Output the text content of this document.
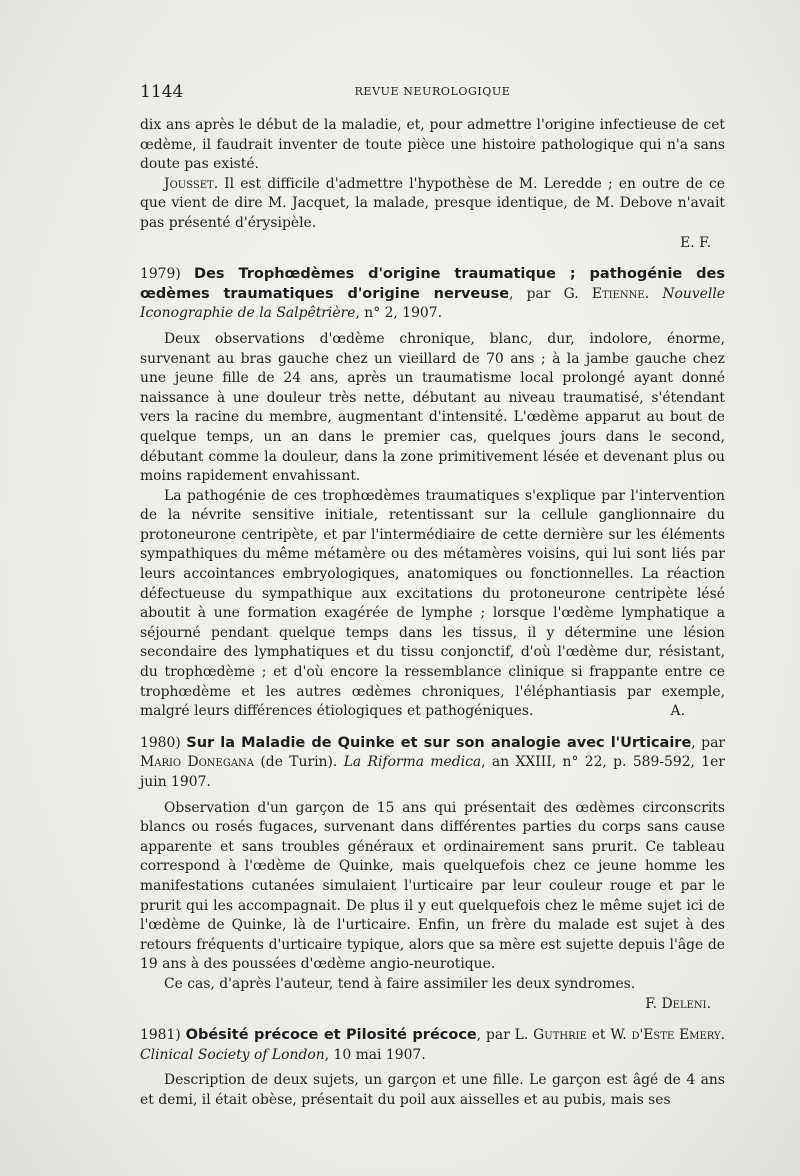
1144	REVUE NEUROLOGIQUE

dix ans après le début de la maladie, et, pour admettre l'origine infectieuse de cet œdème, il faudrait inventer de toute pièce une histoire pathologique qui n'a sans doute pas existé.

Jousset. Il est difficile d'admettre l'hypothèse de M. Leredde ; en outre de ce que vient de dire M. Jacquet, la malade, presque identique, de M. Debove n'avait pas présenté d'érysipèle.

E. F.

1979) Des Trophœdèmes d'origine traumatique ; pathogénie des œdèmes traumatiques d'origine nerveuse, par G. Etienne. Nouvelle Iconographie de la Salpêtrière, n° 2, 1907.

Deux observations d'œdème chronique, blanc, dur, indolore, énorme, survenant au bras gauche chez un vieillard de 70 ans ; à la jambe gauche chez une jeune fille de 24 ans, après un traumatisme local prolongé ayant donné naissance à une douleur très nette, débutant au niveau traumatisé, s'étendant vers la racine du membre, augmentant d'intensité. L'œdème apparut au bout de quelque temps, un an dans le premier cas, quelques jours dans le second, débutant comme la douleur, dans la zone primitivement lésée et devenant plus ou moins rapidement envahissant.

La pathogénie de ces trophœdèmes traumatiques s'explique par l'intervention de la névrite sensitive initiale, retentissant sur la cellule ganglionnaire du protoneurone centripète, et par l'intermédiaire de cette dernière sur les éléments sympathiques du même métamère ou des métamères voisins, qui lui sont liés par leurs accointances embryologiques, anatomiques ou fonctionnelles. La réaction défectueuse du sympathique aux excitations du protoneurone centripète lésé aboutit à une formation exagérée de lymphe ; lorsque l'œdème lymphatique a séjourné pendant quelque temps dans les tissus, il y détermine une lésion secondaire des lymphatiques et du tissu conjonctif, d'où l'œdème dur, résistant, du trophœdème ; et d'où encore la ressemblance clinique si frappante entre ce trophœdème et les autres œdèmes chroniques, l'éléphantiasis par exemple, malgré leurs différences étiologiques et pathogéniques.	A.

1980) Sur la Maladie de Quinke et sur son analogie avec l'Urticaire, par Mario Donegana (de Turin). La Riforma medica, an XXIII, n° 22, p. 589-592, 1er juin 1907.

Observation d'un garçon de 15 ans qui présentait des œdèmes circonscrits blancs ou rosés fugaces, survenant dans différentes parties du corps sans cause apparente et sans troubles généraux et ordinairement sans prurit. Ce tableau correspond à l'œdème de Quinke, mais quelquefois chez ce jeune homme les manifestations cutanées simulaient l'urticaire par leur couleur rouge et par le prurit qui les accompagnait. De plus il y eut quelquefois chez le même sujet ici de l'œdème de Quinke, là de l'urticaire. Enfin, un frère du malade est sujet à des retours fréquents d'urticaire typique, alors que sa mère est sujette depuis l'âge de 19 ans à des poussées d'œdème angio-neurotique.

Ce cas, d'après l'auteur, tend à faire assimiler les deux syndromes.

F. Deleni.

1981) Obésité précoce et Pilosité précoce, par L. Guthrie et W. d'Este Emery. Clinical Society of London, 10 mai 1907.

Description de deux sujets, un garçon et une fille. Le garçon est âgé de 4 ans et demi, il était obèse, présentait du poil aux aisselles et au pubis, mais ses
